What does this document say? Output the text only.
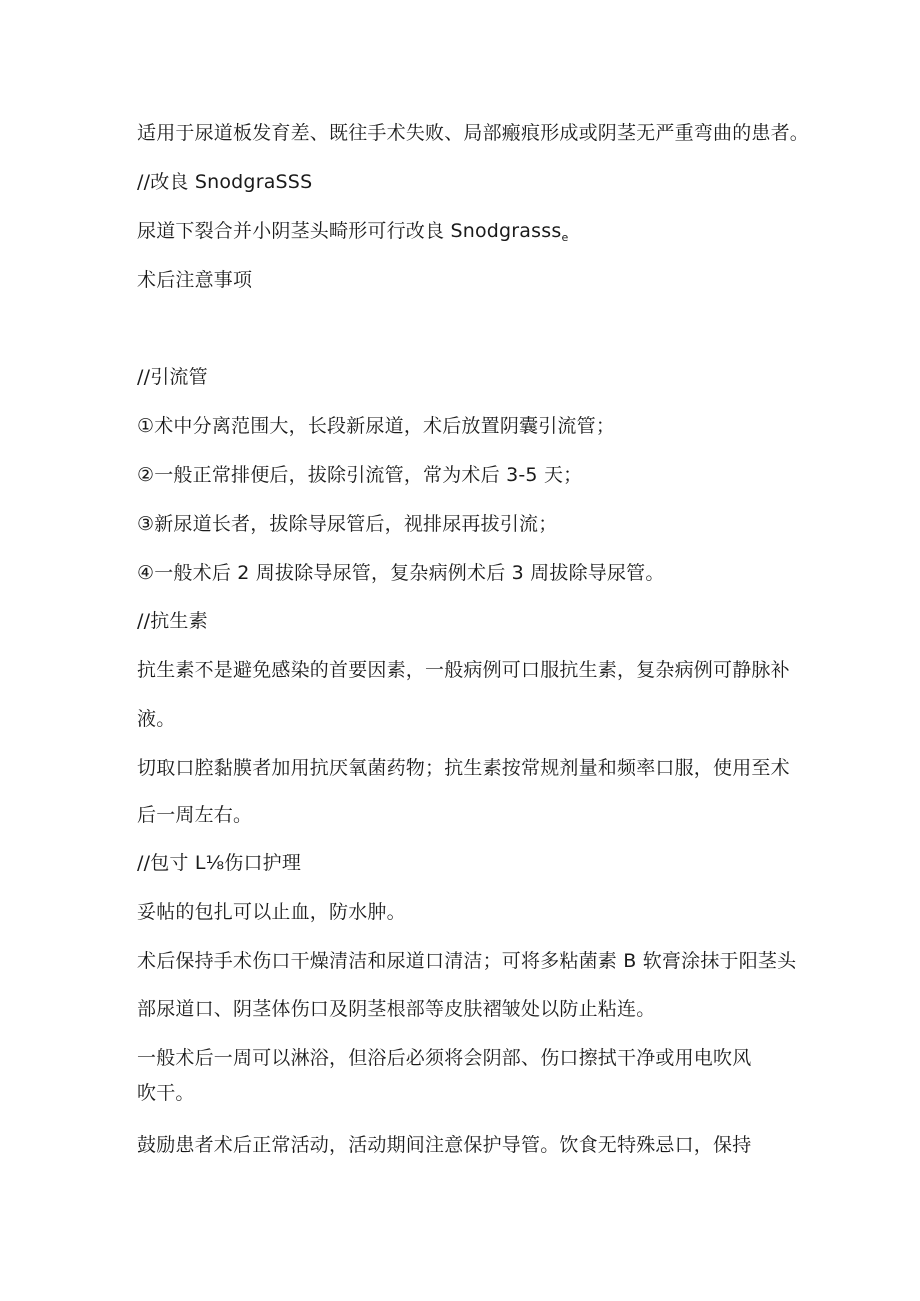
适用于尿道板发育差、既往手术失败、局部瘢痕形成或阴茎无严重弯曲的患者。
//改良 SnodgraSSS
尿道下裂合并小阴茎头畸形可行改良 Snodgrasss$_e$
术后注意事项
//引流管
①术中分离范围大，长段新尿道，术后放置阴囊引流管；
②一般正常排便后，拔除引流管，常为术后 3-5 天；
③新尿道长者，拔除导尿管后，视排尿再拔引流；
④一般术后 2 周拔除导尿管，复杂病例术后 3 周拔除导尿管。
//抗生素
抗生素不是避免感染的首要因素，一般病例可口服抗生素，复杂病例可静脉补
液。
切取口腔黏膜者加用抗厌氧菌药物；抗生素按常规剂量和频率口服，使用至术
后一周左右。
//包寸 L⅛伤口护理
妥帖的包扎可以止血，防水肿。
术后保持手术伤口干燥清洁和尿道口清洁；可将多粘菌素 B 软膏涂抹于阳茎头
部尿道口、阴茎体伤口及阴茎根部等皮肤褶皱处以防止粘连。
一般术后一周可以淋浴，但浴后必须将会阴部、伤口擦拭干净或用电吹风
吹干。
鼓励患者术后正常活动，活动期间注意保护导管。饮食无特殊忌口，保持
